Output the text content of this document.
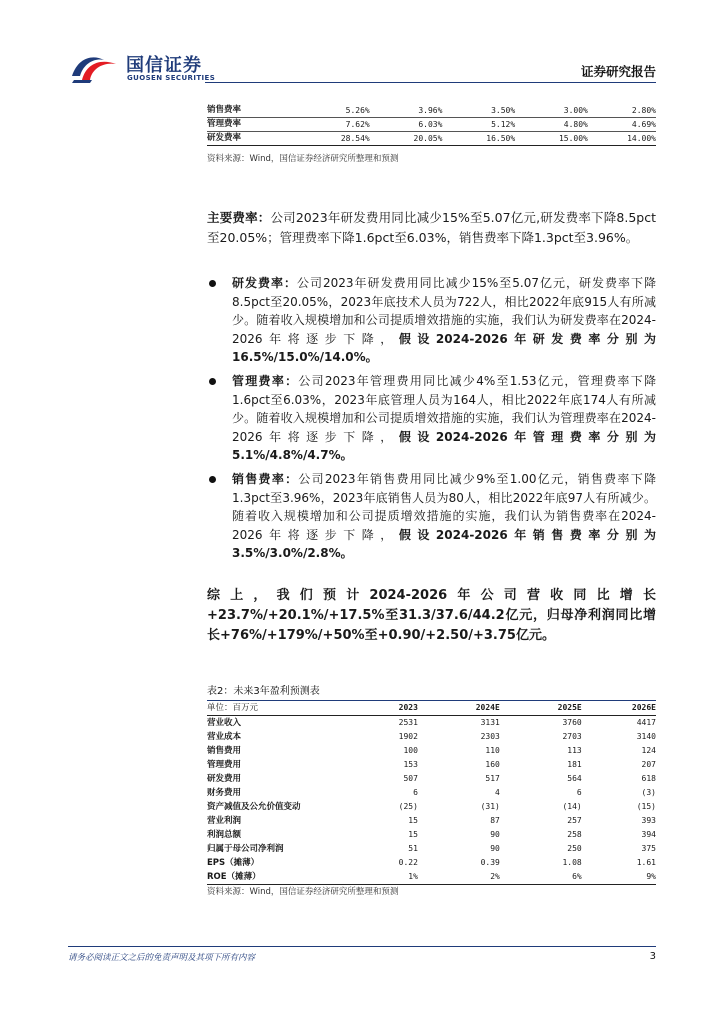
国信证券
GUOSEN SECURITIES	证券研究报告
销售费率	5.26%	3.96%	3.50%	3.00%	2.80%
管理费率	7.62%	6.03%	5.12%	4.80%	4.69%
研发费率	28.54%	20.05%	16.50%	15.00%	14.00%
资料来源：Wind，国信证券经济研究所整理和预测
主要费率：公司2023年研发费用同比减少15%至5.07亿元,研发费率下降8.5pct至20.05%；管理费率下降1.6pct至6.03%，销售费率下降1.3pct至3.96%。
研发费率：公司2023年研发费用同比减少15%至5.07亿元，研发费率下降8.5pct至20.05%，2023年底技术人员为722人，相比2022年底915人有所减少。随着收入规模增加和公司提质增效措施的实施，我们认为研发费率在2024-2026年将逐步下降，假设2024-2026年研发费率分别为16.5%/15.0%/14.0%。
管理费率：公司2023年管理费用同比减少4%至1.53亿元，管理费率下降1.6pct至6.03%，2023年底管理人员为164人，相比2022年底174人有所减少。随着收入规模增加和公司提质增效措施的实施，我们认为管理费率在2024-2026年将逐步下降，假设2024-2026年管理费率分别为5.1%/4.8%/4.7%。
销售费率：公司2023年销售费用同比减少9%至1.00亿元，销售费率下降1.3pct至3.96%，2023年底销售人员为80人，相比2022年底97人有所减少。随着收入规模增加和公司提质增效措施的实施，我们认为销售费率在2024-2026年将逐步下降，假设2024-2026年销售费率分别为3.5%/3.0%/2.8%。
综上，我们预计2024-2026年公司营收同比增长+23.7%/+20.1%/+17.5%至31.3/37.6/44.2亿元，归母净利润同比增长+76%/+179%/+50%至+0.90/+2.50/+3.75亿元。
表2：未来3年盈利预测表
单位：百万元	2023	2024E	2025E	2026E
营业收入	2531	3131	3760	4417
营业成本	1902	2303	2703	3140
销售费用	100	110	113	124
管理费用	153	160	181	207
研发费用	507	517	564	618
财务费用	6	4	6	(3)
资产减值及公允价值变动	(25)	(31)	(14)	(15)
营业利润	15	87	257	393
利润总额	15	90	258	394
归属于母公司净利润	51	90	250	375
EPS（摊薄）	0.22	0.39	1.08	1.61
ROE（摊薄）	1%	2%	6%	9%
资料来源：Wind，国信证券经济研究所整理和预测
请务必阅读正文之后的免责声明及其项下所有内容	3
